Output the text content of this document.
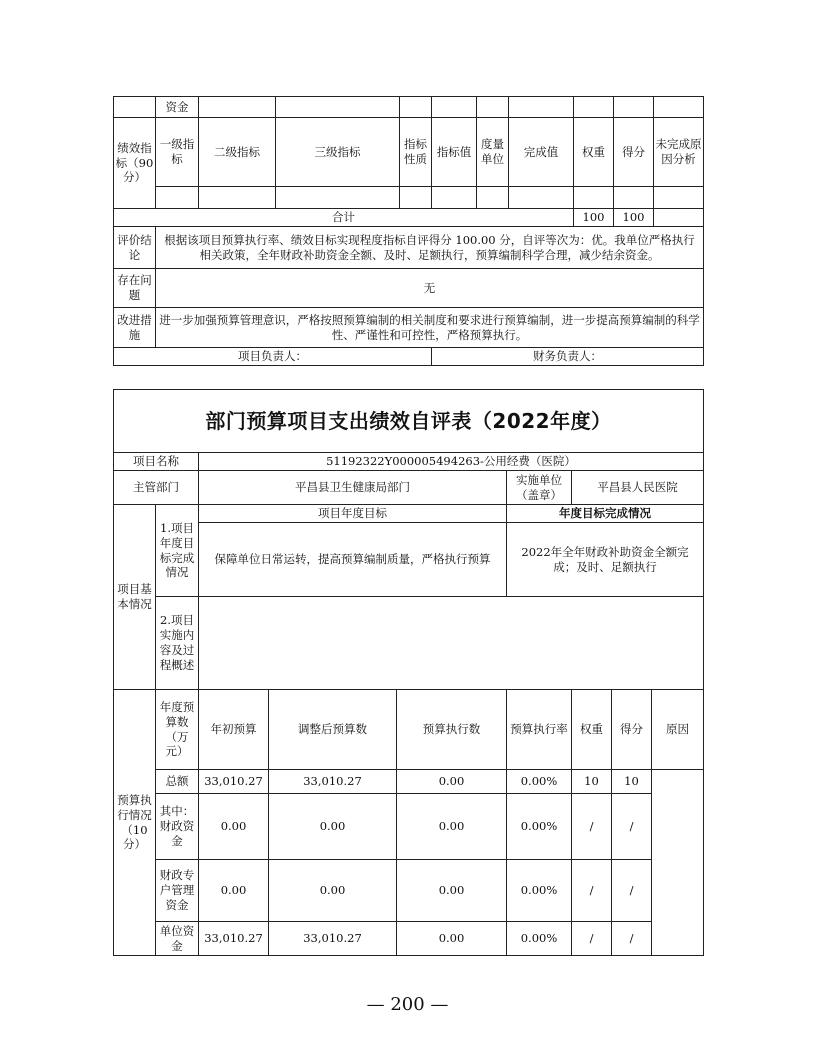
	资金									
绩效指标（90分）	一级指标	二级指标	三级指标	指标性质	指标值	度量单位	完成值	权重	得分	未完成原因分析

合计								100	100	
评价结论	根据该项目预算执行率、绩效目标实现程度指标自评得分 100.00 分，自评等次为：优。我单位严格执行相关政策，全年财政补助资金全额、及时、足额执行，预算编制科学合理，减少结余资金。									
存在问题	无									
改进措施	进一步加强预算管理意识，严格按照预算编制的相关制度和要求进行预算编制，进一步提高预算编制的科学性、严谨性和可控性，严格预算执行。									
项目负责人：					财务负责人：					
部门预算项目支出绩效自评表（2022年度）								
项目名称		51192322Y000005494263-公用经费（医院）						
主管部门		平昌县卫生健康局部门			实施单位（盖章）	平昌县人民医院		
项目基本情况	1.项目年度目标完成情况	项目年度目标			年度目标完成情况			
		保障单位日常运转，提高预算编制质量，严格执行预算			2022年全年财政补助资金全额完成；及时、足额执行			
	2.项目实施内容及过程概述							
预算执行情况（10分）	年度预算数（万元）	年初预算	调整后预算数	预算执行数	预算执行率	权重	得分	原因
	总额	33,010.27	33,010.27	0.00	0.00%	10	10	
	其中：财政资金	0.00	0.00	0.00	0.00%	/	/	
	财政专户管理资金	0.00	0.00	0.00	0.00%	/	/	
	单位资金	33,010.27	33,010.27	0.00	0.00%	/	/	
— 200 —
